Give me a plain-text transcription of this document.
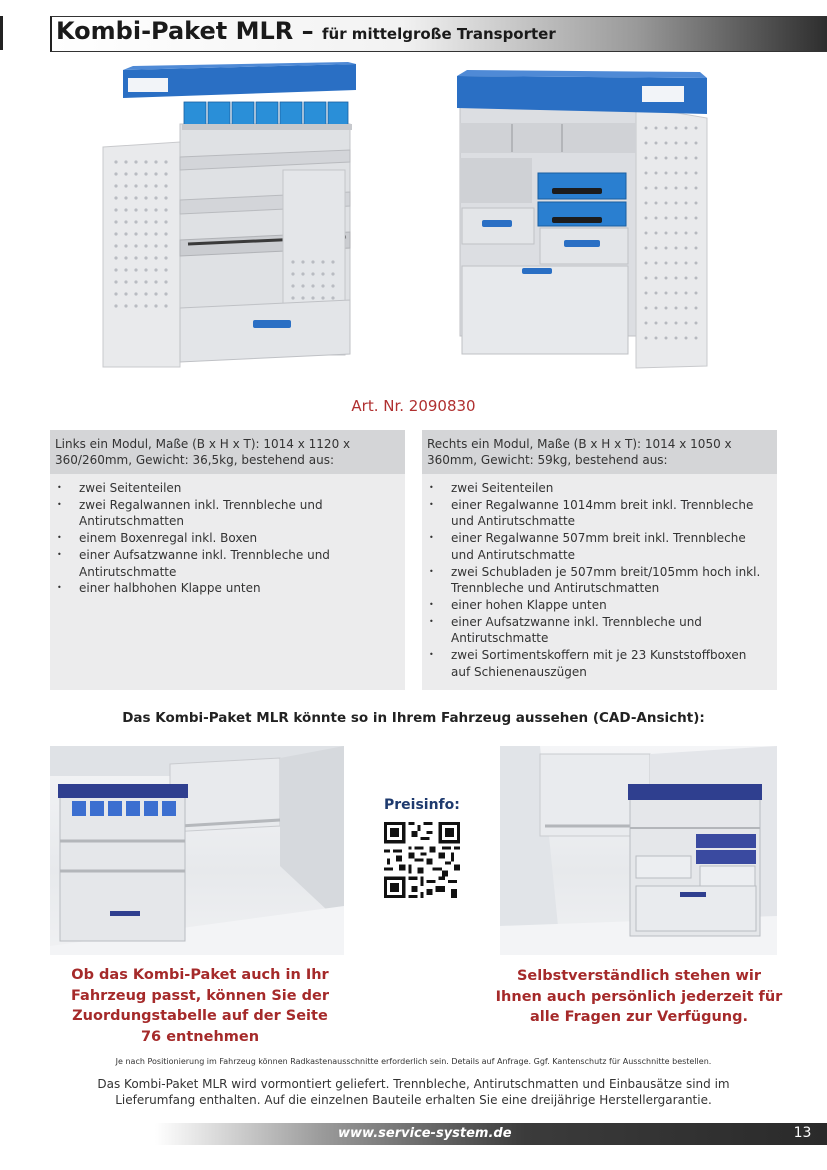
Kombi-Paket MLR – für mittelgroße Transporter
Art. Nr. 2090830
Links ein Modul, Maße (B x H x T): 1014 x 1120 x 360/260mm, Gewicht: 36,5kg, bestehend aus:
• zwei Seitenteilen
• zwei Regalwannen inkl. Trennbleche und Antirutschmatten
• einem Boxenregal inkl. Boxen
• einer Aufsatzwanne inkl. Trennbleche und Antirutschmatte
• einer halbhohen Klappe unten
Rechts ein Modul, Maße (B x H x T): 1014 x 1050 x 360mm, Gewicht: 59kg, bestehend aus:
• zwei Seitenteilen
• einer Regalwanne 1014mm breit inkl. Trennbleche und Antirutschmatte
• einer Regalwanne 507mm breit inkl. Trennbleche und Antirutschmatte
• zwei Schubladen je 507mm breit/105mm hoch inkl. Trennbleche und Antirutschmatten
• einer hohen Klappe unten
• einer Aufsatzwanne inkl. Trennbleche und Antirutschmatte
• zwei Sortimentskoffern mit je 23 Kunststoffboxen auf Schienenauszügen
Das Kombi-Paket MLR könnte so in Ihrem Fahrzeug aussehen (CAD-Ansicht):
Preisinfo:
Ob das Kombi-Paket auch in Ihr Fahrzeug passt, können Sie der Zuordungstabelle auf der Seite 76 entnehmen
Selbstverständlich stehen wir Ihnen auch persönlich jederzeit für alle Fragen zur Verfügung.
Je nach Positionierung im Fahrzeug können Radkastenausschnitte erforderlich sein. Details auf Anfrage. Ggf. Kantenschutz für Ausschnitte bestellen.
Das Kombi-Paket MLR wird vormontiert geliefert. Trennbleche, Antirutschmatten und Einbausätze sind im Lieferumfang enthalten. Auf die einzelnen Bauteile erhalten Sie eine dreijährige Herstellergarantie.
www.service-system.de	13
